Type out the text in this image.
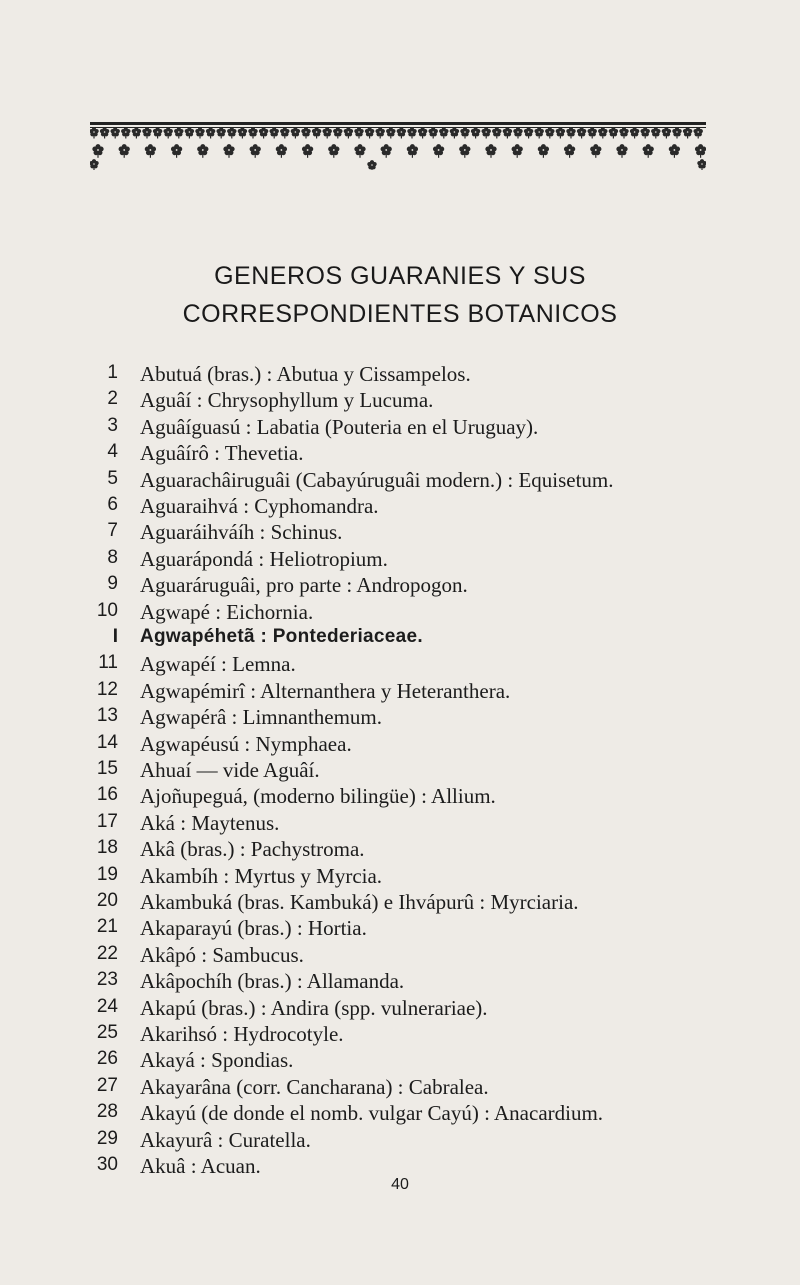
GENEROS GUARANIES Y SUS
CORRESPONDIENTES BOTANICOS
1 Abutuá (bras.) : Abutua y Cissampelos.
2 Aguâí : Chrysophyllum y Lucuma.
3 Aguâíguasú : Labatia (Pouteria en el Uruguay).
4 Aguâírô : Thevetia.
5 Aguarachâiruguâi (Cabayúruguâi modern.) : Equisetum.
6 Aguaraihvá : Cyphomandra.
7 Aguaráihváíh : Schinus.
8 Aguarápondá : Heliotropium.
9 Aguaráruguâi, pro parte : Andropogon.
10 Agwapé : Eichornia.
I Agwapéhetã : Pontederiaceae.
11 Agwapéí : Lemna.
12 Agwapémirî : Alternanthera y Heteranthera.
13 Agwapérâ : Limnanthemum.
14 Agwapéusú : Nymphaea.
15 Ahuaí — vide Aguâí.
16 Ajoñupeguá, (moderno bilingüe) : Allium.
17 Aká : Maytenus.
18 Akâ (bras.) : Pachystroma.
19 Akambíh : Myrtus y Myrcia.
20 Akambuká (bras. Kambuká) e Ihvápurû : Myrciaria.
21 Akaparayú (bras.) : Hortia.
22 Akâpó : Sambucus.
23 Akâpochíh (bras.) : Allamanda.
24 Akapú (bras.) : Andira (spp. vulnerariae).
25 Akarihsó : Hydrocotyle.
26 Akayá : Spondias.
27 Akayarâna (corr. Cancharana) : Cabralea.
28 Akayú (de donde el nomb. vulgar Cayú) : Anacardium.
29 Akayurâ : Curatella.
30 Akuâ : Acuan.
40
